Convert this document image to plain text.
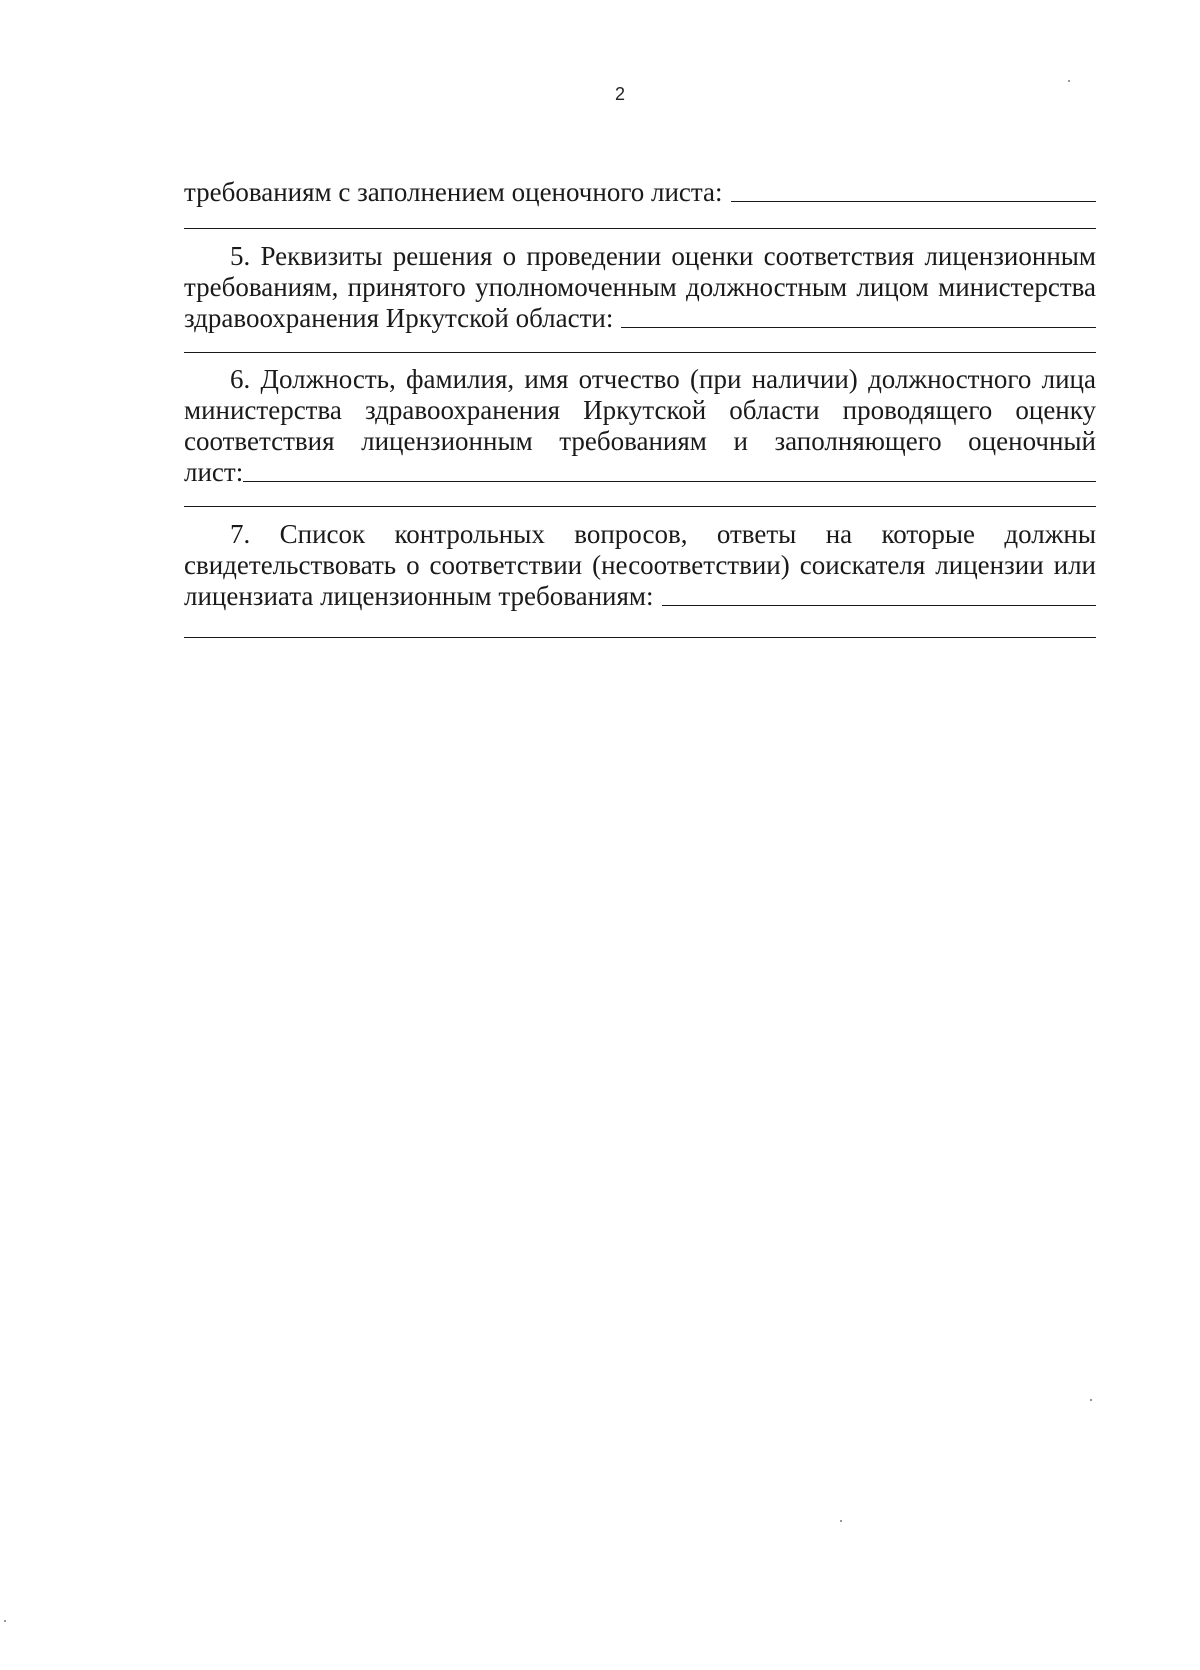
2
требованиям с заполнением оценочного листа:
5. Реквизиты решения о проведении оценки соответствия лицензионным
требованиям, принятого уполномоченным должностным лицом министерства
здравоохранения Иркутской области:
6. Должность, фамилия, имя отчество (при наличии) должностного лица
министерства здравоохранения Иркутской области проводящего оценку
соответствия лицензионным требованиям и заполняющего оценочный
лист:
7. Список контрольных вопросов, ответы на которые должны
свидетельствовать о соответствии (несоответствии) соискателя лицензии или
лицензиата лицензионным требованиям:
